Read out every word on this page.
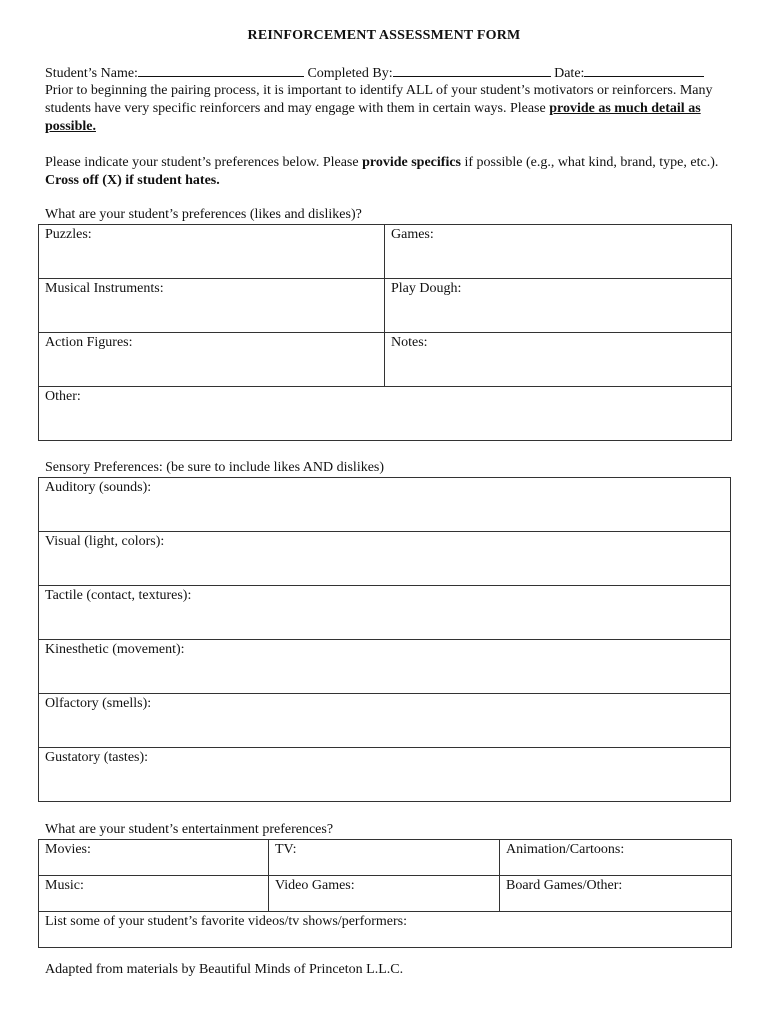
REINFORCEMENT ASSESSMENT FORM
Student’s Name:	Completed By:	Date:
Prior to beginning the pairing process, it is important to identify ALL of your student’s motivators or reinforcers. Many students have very specific reinforcers and may engage with them in certain ways. Please provide as much detail as possible.
Please indicate your student’s preferences below. Please provide specifics if possible (e.g., what kind, brand, type, etc.). Cross off (X) if student hates.
What are your student’s preferences (likes and dislikes)?
Puzzles:	Games:
Musical Instruments:	Play Dough:
Action Figures:	Notes:
Other:	
Sensory Preferences: (be sure to include likes AND dislikes)
Auditory (sounds):
Visual (light, colors):
Tactile (contact, textures):
Kinesthetic (movement):
Olfactory (smells):
Gustatory (tastes):
What are your student’s entertainment preferences?
Movies:	TV:	Animation/Cartoons:
Music:	Video Games:	Board Games/Other:
List some of your student’s favorite videos/tv shows/performers:		
Adapted from materials by Beautiful Minds of Princeton L.L.C.
